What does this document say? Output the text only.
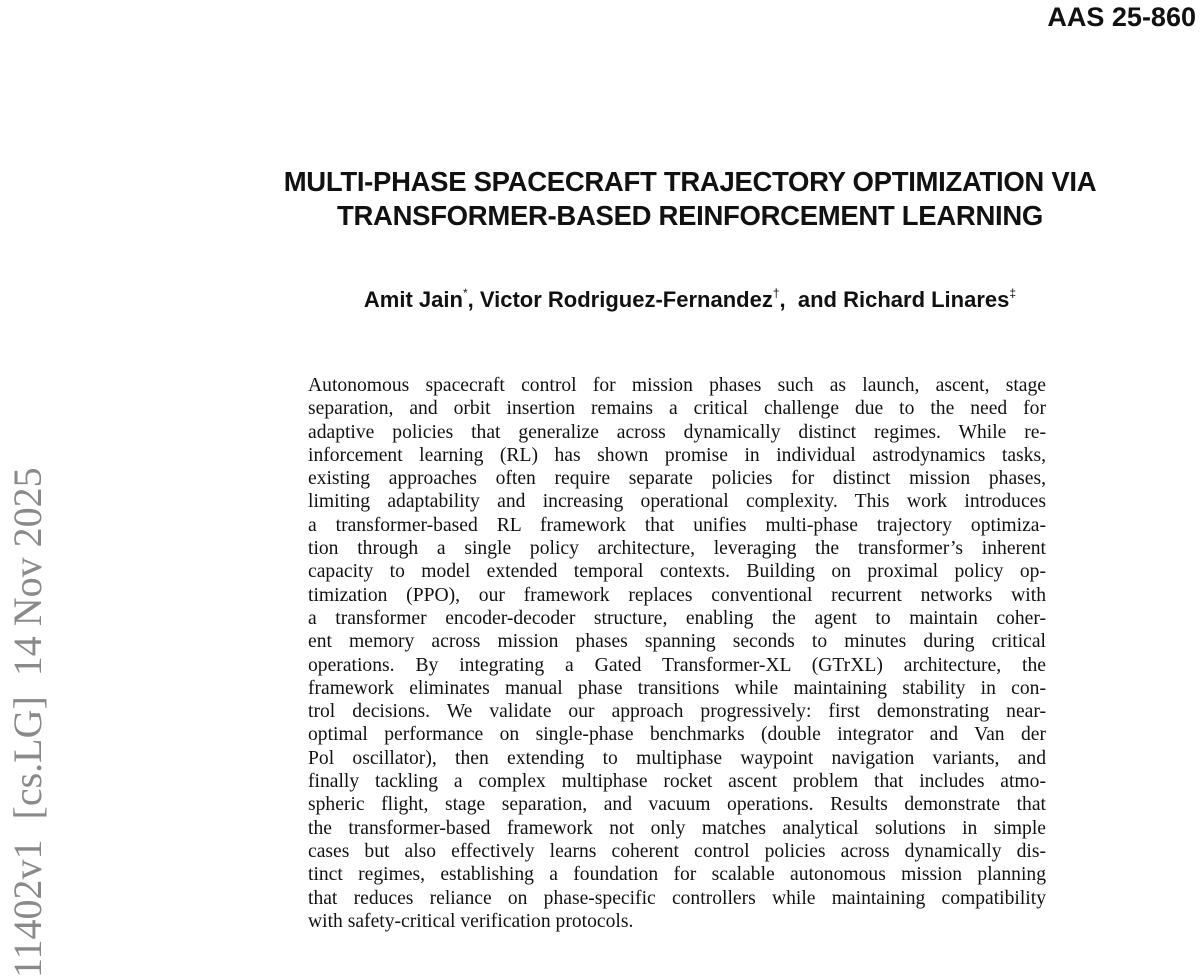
AAS 25-860
11402v1  [cs.LG]  14 Nov 2025
MULTI-PHASE SPACECRAFT TRAJECTORY OPTIMIZATION VIA
TRANSFORMER-BASED REINFORCEMENT LEARNING
Amit Jain*, Victor Rodriguez-Fernandez†, and Richard Linares‡
Autonomous spacecraft control for mission phases such as launch, ascent, stage
separation, and orbit insertion remains a critical challenge due to the need for
adaptive policies that generalize across dynamically distinct regimes. While re-
inforcement learning (RL) has shown promise in individual astrodynamics tasks,
existing approaches often require separate policies for distinct mission phases,
limiting adaptability and increasing operational complexity. This work introduces
a transformer-based RL framework that unifies multi-phase trajectory optimiza-
tion through a single policy architecture, leveraging the transformer’s inherent
capacity to model extended temporal contexts. Building on proximal policy op-
timization (PPO), our framework replaces conventional recurrent networks with
a transformer encoder-decoder structure, enabling the agent to maintain coher-
ent memory across mission phases spanning seconds to minutes during critical
operations. By integrating a Gated Transformer-XL (GTrXL) architecture, the
framework eliminates manual phase transitions while maintaining stability in con-
trol decisions. We validate our approach progressively: first demonstrating near-
optimal performance on single-phase benchmarks (double integrator and Van der
Pol oscillator), then extending to multiphase waypoint navigation variants, and
finally tackling a complex multiphase rocket ascent problem that includes atmo-
spheric flight, stage separation, and vacuum operations. Results demonstrate that
the transformer-based framework not only matches analytical solutions in simple
cases but also effectively learns coherent control policies across dynamically dis-
tinct regimes, establishing a foundation for scalable autonomous mission planning
that reduces reliance on phase-specific controllers while maintaining compatibility
with safety-critical verification protocols.
